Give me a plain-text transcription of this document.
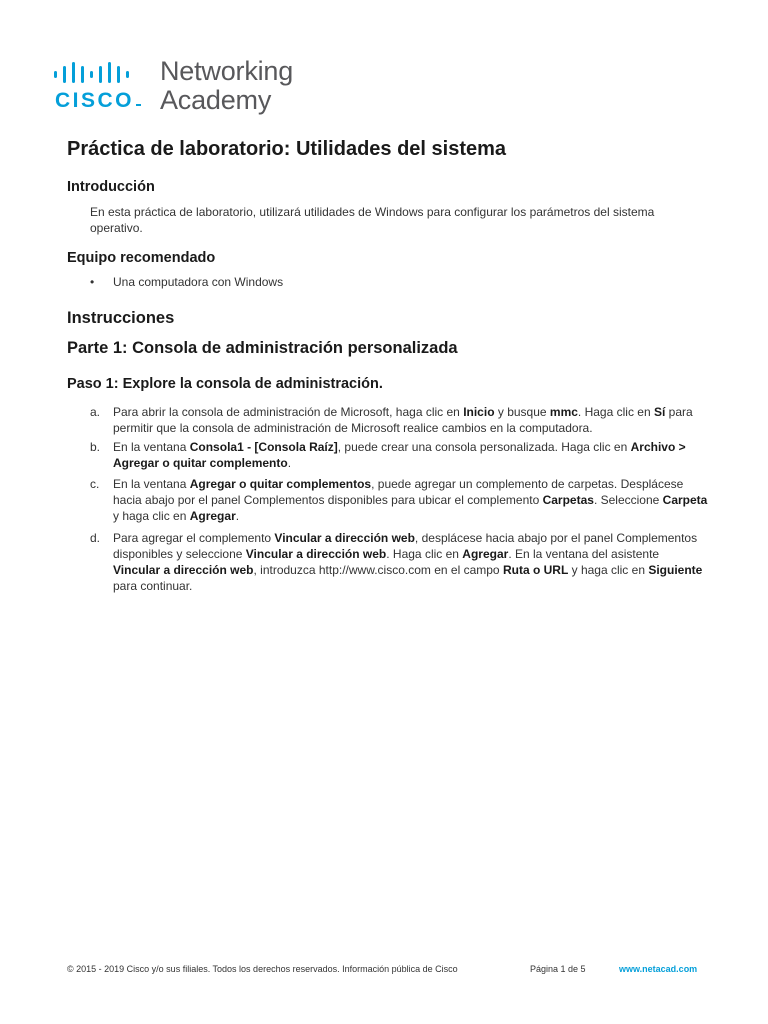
CISCO
Networking
Academy
Práctica de laboratorio: Utilidades del sistema
Introducción
En esta práctica de laboratorio, utilizará utilidades de Windows para configurar los parámetros del sistema operativo.
Equipo recomendado
• Una computadora con Windows
Instrucciones
Parte 1: Consola de administración personalizada
Paso 1: Explore la consola de administración.
a.	Para abrir la consola de administración de Microsoft, haga clic en Inicio y busque mmc. Haga clic en Sí para permitir que la consola de administración de Microsoft realice cambios en la computadora.
b.	En la ventana Consola1 - [Consola Raíz], puede crear una consola personalizada. Haga clic en Archivo > Agregar o quitar complemento.
c.	En la ventana Agregar o quitar complementos, puede agregar un complemento de carpetas. Desplácese hacia abajo por el panel Complementos disponibles para ubicar el complemento Carpetas. Seleccione Carpeta y haga clic en Agregar.
d.	Para agregar el complemento Vincular a dirección web, desplácese hacia abajo por el panel Complementos disponibles y seleccione Vincular a dirección web. Haga clic en Agregar. En la ventana del asistente Vincular a dirección web, introduzca http://www.cisco.com en el campo Ruta o URL y haga clic en Siguiente para continuar.
© 2015 - 2019 Cisco y/o sus filiales. Todos los derechos reservados. Información pública de Cisco	Página 1 de 5	www.netacad.com
